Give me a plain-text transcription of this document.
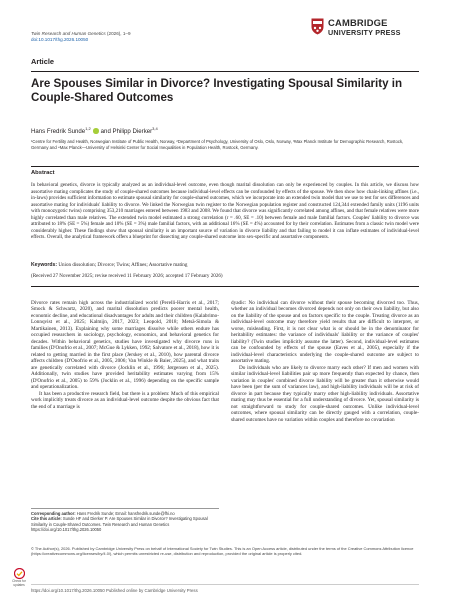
Twin Research and Human Genetics (2026), 1–9
doi:10.1017/thg.2026.10050
CAMBRIDGE
UNIVERSITY PRESS
Article
Are Spouses Similar in Divorce? Investigating Spousal Similarity in Couple-Shared Outcomes
Hans Fredrik Sunde$^{1,2}$ and Philipp Dierker$^{3,4}$
¹Centre for Fertility and Health, Norwegian Institute of Public Health, Norway, ²Department of Psychology, University of Oslo, Oslo, Norway, ³Max Planck Institute for Demographic Research, Rostock, Germany and ⁴Max Planck—University of Helsinki Center for Social Inequalities in Population Health, Rostock, Germany.
Abstract
In behavioral genetics, divorce is typically analyzed as an individual-level outcome, even though marital dissolution can only be experienced by couples. In this article, we discuss how assortative mating complicates the study of couple-shared outcomes because individual-level effects can be confounded by effects of the spouse. We then show how chain-linking affines (i.e., in-laws) provides sufficient information to estimate spousal similarity for couple-shared outcomes, which we incorporate into an extended twin model that we use to test for sex differences and assortative mating for individuals' liability to divorce. We linked the Norwegian twin register to the Norwegian population register and constructed 124,344 extended family units (1196 units with monozygotic twins) comprising 353,210 marriages entered between 1983 and 2008. We found that divorce was significantly correlated among affines, and that female relatives were more highly correlated than male relatives. The extended twin model estimated a strong correlation (r = .60, SE = .10) between female and male familial factors. Couples' liability to divorce was attributed to 18% (SE = 5%) female and 10% (SE = 3%) male familial factors, with an additional 16% (SE = 4%) accounted for by their correlation. Estimates from a classic twin model were considerably higher. These findings show that spousal similarity is an important source of variation in divorce liability and that failing to model it can inflate estimates of individual-level effects. Overall, the analytical framework offers a blueprint for dissecting any couple-shared outcome into sex-specific and assortative components.
Keywords: Union dissolution; Divorce; Twins; Affines; Assortative mating
(Received 27 November 2025; revise received 11 February 2026; accepted 17 February 2026)

Divorce rates remain high across the industrialized world (Perelli-Harris et al., 2017; Smock & Schwartz, 2020), and marital dissolution predicts poorer mental health, economic decline, and educational disadvantages for adults and their children (Kalabrimo-Lonnqvist et al., 2025; Kalmijn, 2017, 2023; Leopold, 2018; Metsä-Simola & Martikainen, 2013). Explaining why some marriages dissolve while others endure has occupied researchers in sociology, psychology, economics, and behavioral genetics for decades. Within behavioral genetics, studies have investigated why divorce runs in families (D'Onofrio et al., 2007; McGue & Lykken, 1992; Salvatore et al., 2018), how it is related to getting married in the first place (Jerskey et al., 2010), how parental divorce affects children (D'Onofrio et al., 2005, 2006; Van Winkle & Baier, 2025), and what traits are genetically correlated with divorce (Jocklin et al., 1996; Jørgensen et al., 2025). Additionally, twin studies have provided heritability estimates varying from 15% (D'Onofrio et al., 2005) to 59% (Jocklin et al., 1996) depending on the specific sample and operationalization.

It has been a productive research field, but there is a problem: Much of this empirical work implicitly treats divorce as an individual-level outcome despite the obvious fact that the end of a marriage is

dyadic: No individual can divorce without their spouse becoming divorced too. Thus, whether an individual becomes divorced depends not only on their own liability, but also on the liability of the spouse and on factors specific to the couple. Treating divorce as an individual-level outcome may therefore yield results that are difficult to interpret, or worse, misleading. First, it is not clear what is or should be in the denominator for heritability estimates: the variance of individuals' liability or the variance of couples' liability? (Twin studies implicitly assume the latter). Second, individual-level estimates can be confounded by effects of the spouse (Eaves et al., 2005), especially if the individual-level characteristics underlying the couple-shared outcome are subject to assortative mating.

Do individuals who are likely to divorce marry each other? If men and women with similar individual-level liabilities pair up more frequently than expected by chance, then variation in couples' combined divorce liability will be greater than it otherwise would have been (per the sum of variances law), and high-liability individuals will be at risk of divorce in part because they typically marry other high-liability individuals. Assortative mating may thus be essential for a full understanding of divorce. Yet, spousal similarity is not straightforward to study for couple-shared outcomes. Unlike individual-level outcomes, where spousal similarity can be directly gauged with a correlation, couple-shared outcomes have no variation within couples and therefore no covariation

Corresponding author: Hans Fredrik Sunde; Email: hansfredrik.sunde@fhi.no
Cite this article: Sunde HF and Dierker P. Are Spouses Similar in Divorce? Investigating Spousal Similarity in Couple-Shared Outcomes. Twin Research and Human Genetics https://doi.org/10.1017/thg.2026.10050
© The Author(s), 2026. Published by Cambridge University Press on behalf of International Society for Twin Studies. This is an Open Access article, distributed under the terms of the Creative Commons Attribution licence (https://creativecommons.org/licenses/by/4.0/), which permits unrestricted re-use, distribution and reproduction, provided the original article is properly cited.
Check for
updates
https://doi.org/10.1017/thg.2026.10050 Published online by Cambridge University Press
